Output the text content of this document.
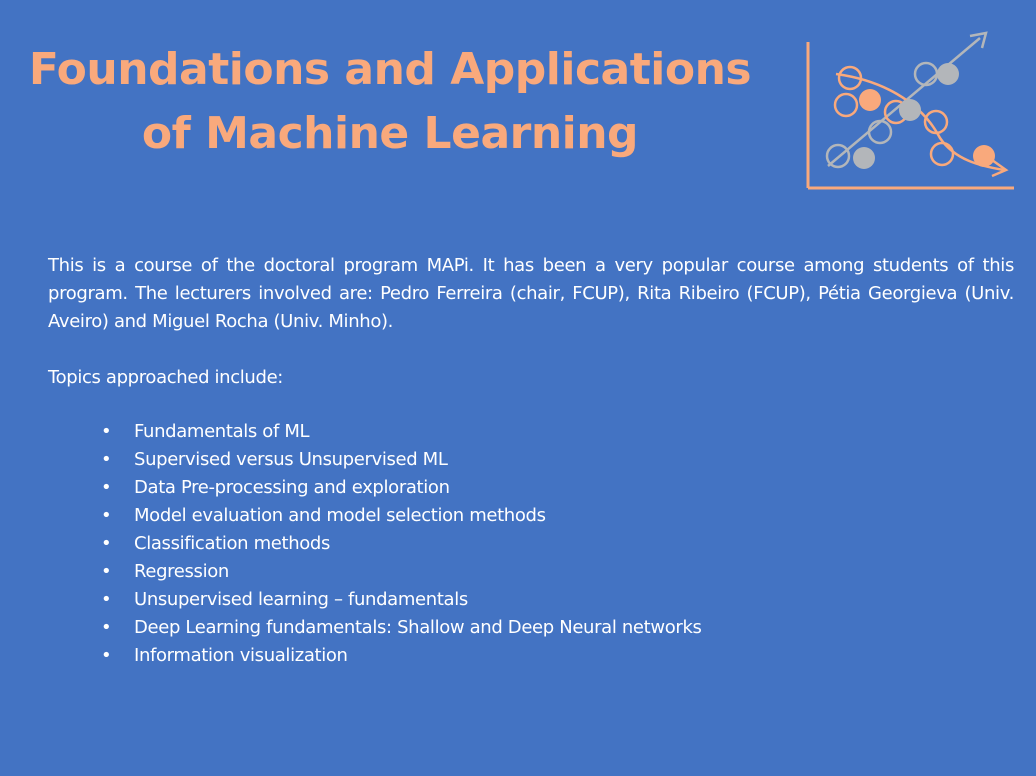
Foundations and Applications
of Machine Learning
This is a course of the doctoral program MAPi. It has been a very popular course among students of this program. The lecturers involved are: Pedro Ferreira (chair, FCUP), Rita Ribeiro (FCUP), Pétia Georgieva (Univ. Aveiro) and Miguel Rocha (Univ. Minho).
Topics approached include:
• Fundamentals of ML
• Supervised versus Unsupervised ML
• Data Pre-processing and exploration
• Model evaluation and model selection methods
• Classification methods
• Regression
• Unsupervised learning – fundamentals
• Deep Learning fundamentals: Shallow and Deep Neural networks
• Information visualization
